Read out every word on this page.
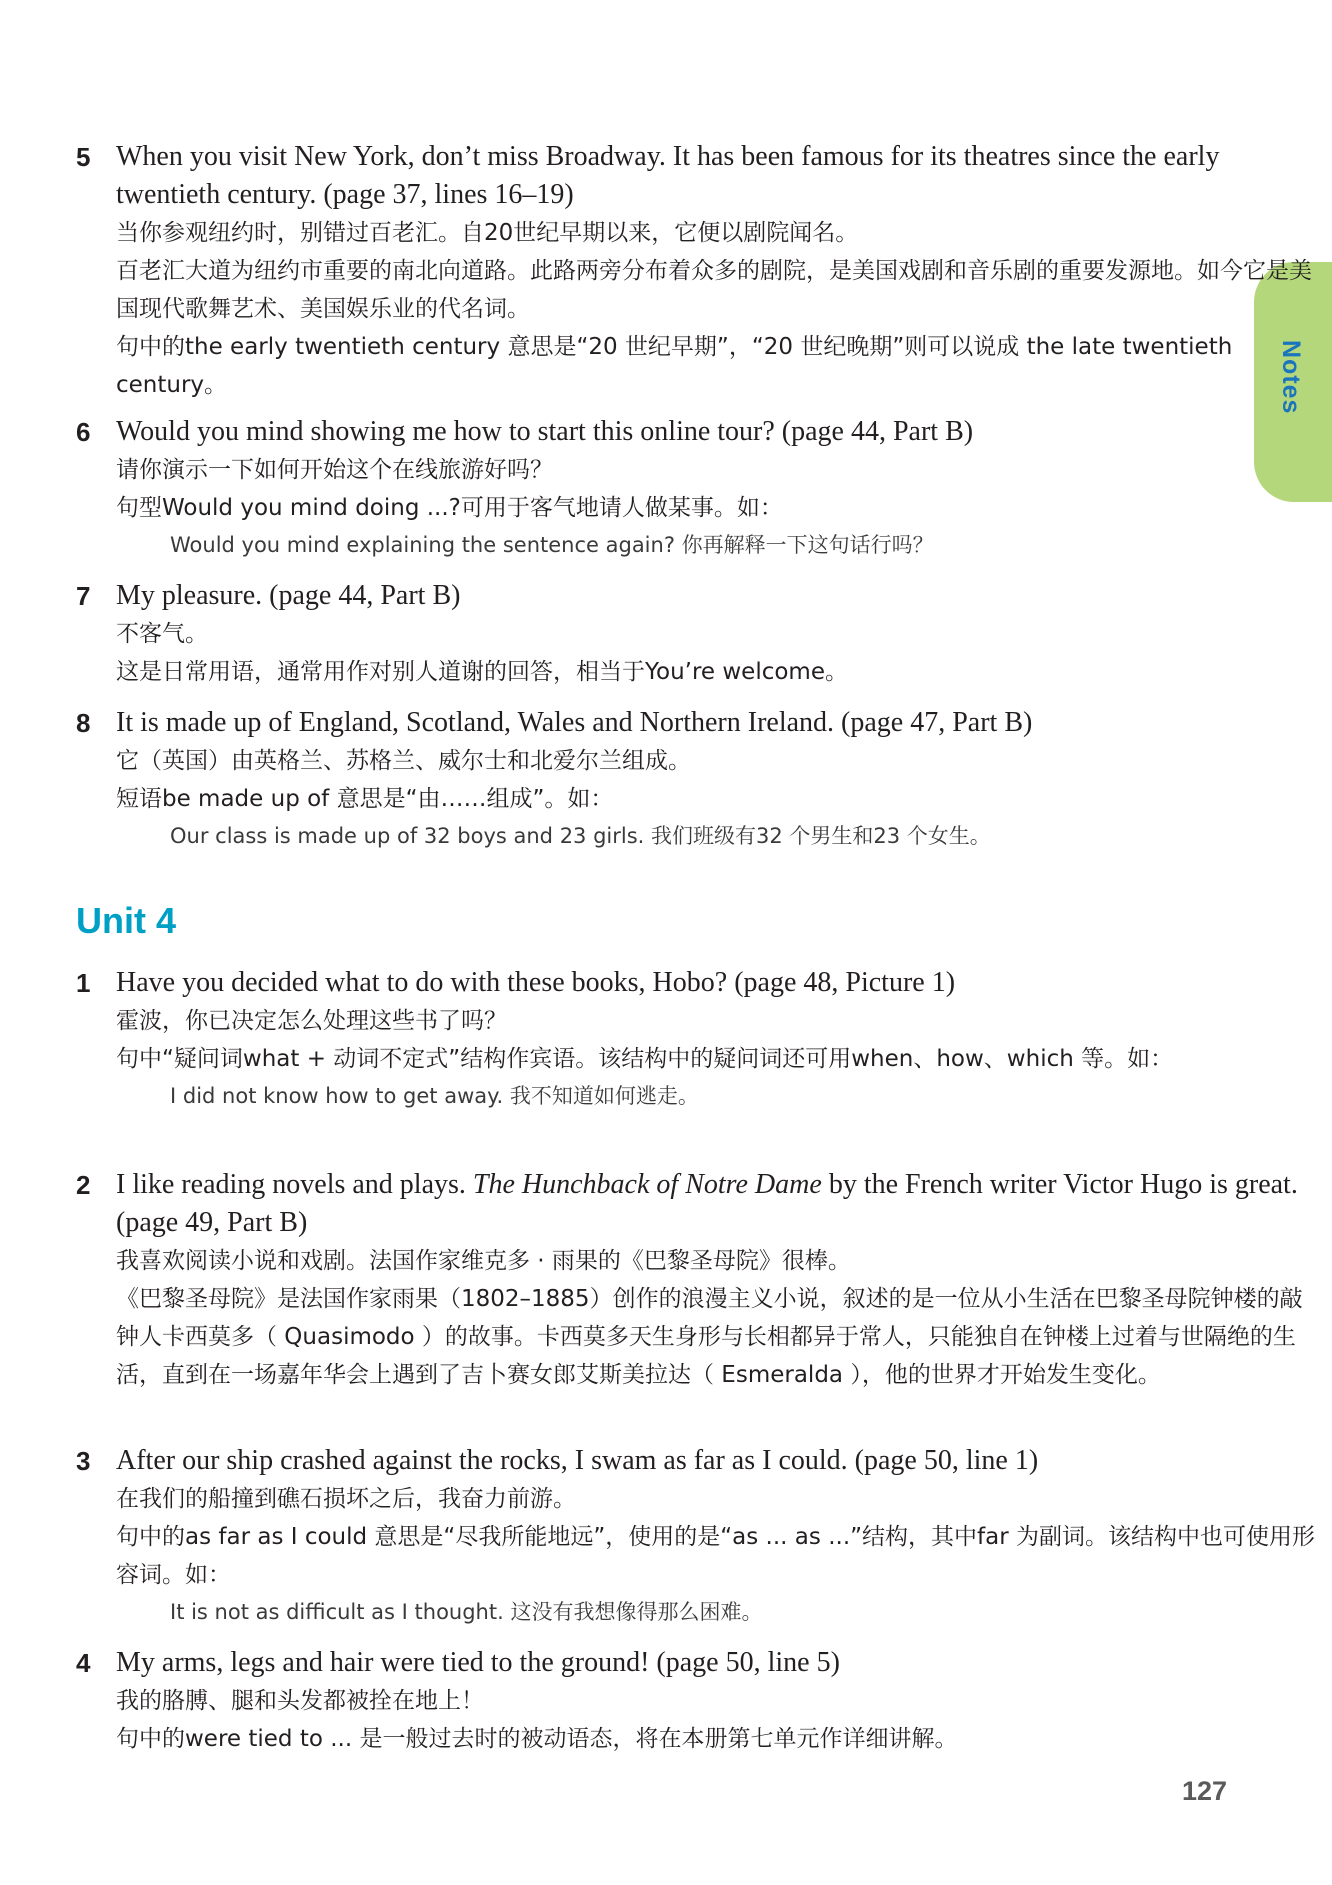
Notes
5 When you visit New York, don’t miss Broadway. It has been famous for its theatres since the early twentieth century. (page 37, lines 16–19)
当你参观纽约时，别错过百老汇。自20世纪早期以来，它便以剧院闻名。
百老汇大道为纽约市重要的南北向道路。此路两旁分布着众多的剧院，是美国戏剧和音乐剧的重要发源地。如今它是美国现代歌舞艺术、美国娱乐业的代名词。
句中的the early twentieth century 意思是“20 世纪早期”，“20 世纪晚期”则可以说成 the late twentieth century。
6 Would you mind showing me how to start this online tour? (page 44, Part B)
请你演示一下如何开始这个在线旅游好吗？
句型Would you mind doing ...?可用于客气地请人做某事。如：
Would you mind explaining the sentence again? 你再解释一下这句话行吗？
7 My pleasure. (page 44, Part B)
不客气。
这是日常用语，通常用作对别人道谢的回答，相当于You’re welcome。
8 It is made up of England, Scotland, Wales and Northern Ireland. (page 47, Part B)
它（英国）由英格兰、苏格兰、威尔士和北爱尔兰组成。
短语be made up of 意思是“由……组成”。如：
Our class is made up of 32 boys and 23 girls. 我们班级有32 个男生和23 个女生。
Unit 4
1 Have you decided what to do with these books, Hobo? (page 48, Picture 1)
霍波，你已决定怎么处理这些书了吗？
句中“疑问词what + 动词不定式”结构作宾语。该结构中的疑问词还可用when、how、which 等。如：
I did not know how to get away. 我不知道如何逃走。
2 I like reading novels and plays. The Hunchback of Notre Dame by the French writer Victor Hugo is great. (page 49, Part B)
我喜欢阅读小说和戏剧。法国作家维克多 · 雨果的《巴黎圣母院》很棒。
《巴黎圣母院》是法国作家雨果（1802–1885）创作的浪漫主义小说，叙述的是一位从小生活在巴黎圣母院钟楼的敲钟人卡西莫多（ Quasimodo ）的故事。卡西莫多天生身形与长相都异于常人，只能独自在钟楼上过着与世隔绝的生活，直到在一场嘉年华会上遇到了吉卜赛女郎艾斯美拉达（ Esmeralda ），他的世界才开始发生变化。
3 After our ship crashed against the rocks, I swam as far as I could. (page 50, line 1)
在我们的船撞到礁石损坏之后，我奋力前游。
句中的as far as I could 意思是“尽我所能地远”，使用的是“as ... as ...”结构，其中far 为副词。该结构中也可使用形容词。如：
It is not as difficult as I thought. 这没有我想像得那么困难。
4 My arms, legs and hair were tied to the ground! (page 50, line 5)
我的胳膊、腿和头发都被拴在地上！
句中的were tied to ... 是一般过去时的被动语态，将在本册第七单元作详细讲解。
127
